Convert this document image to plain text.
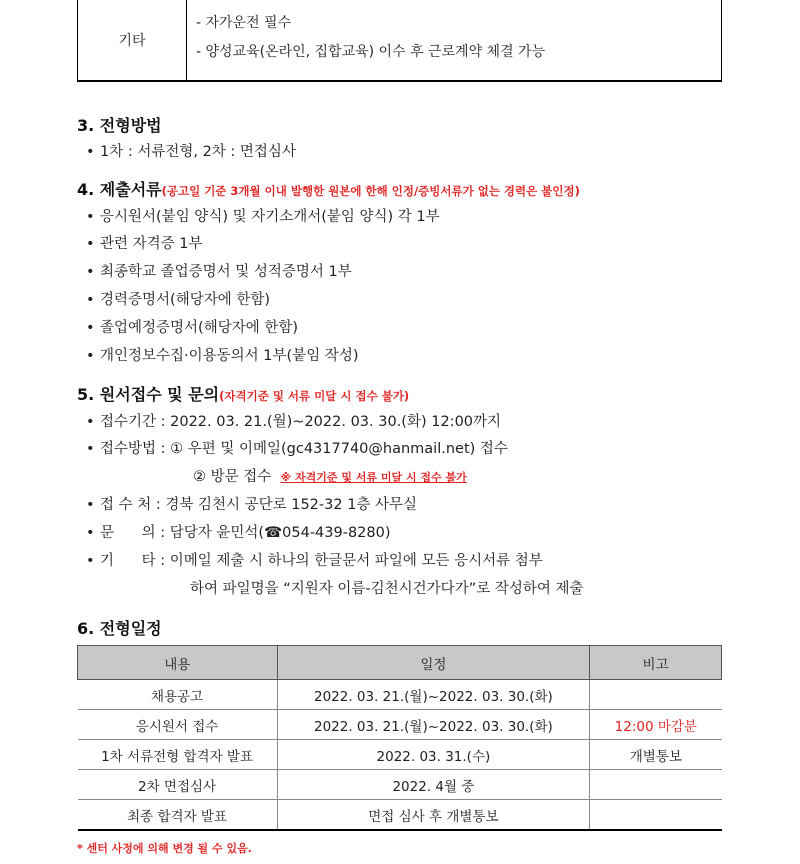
기타
- 자가운전 필수
- 양성교육(온라인, 집합교육) 이수 후 근로계약 체결 가능
3. 전형방법
• 1차 : 서류전형, 2차 : 면접심사
4. 제출서류(공고일 기준 3개월 이내 발행한 원본에 한해 인정/증빙서류가 없는 경력은 불인정)
• 응시원서(붙임 양식) 및 자기소개서(붙임 양식) 각 1부
• 관련 자격증 1부
• 최종학교 졸업증명서 및 성적증명서 1부
• 경력증명서(해당자에 한함)
• 졸업예정증명서(해당자에 한함)
• 개인정보수집·이용동의서 1부(붙임 작성)
5. 원서접수 및 문의(자격기준 및 서류 미달 시 접수 불가)
• 접수기간 : 2022. 03. 21.(월)~2022. 03. 30.(화) 12:00까지
• 접수방법 : ① 우편 및 이메일(gc4317740@hanmail.net) 접수
② 방문 접수 ※ 자격기준 및 서류 미달 시 접수 불가
• 접 수 처 : 경북 김천시 공단로 152-32 1층 사무실
• 문      의 : 담당자 윤민석(☎054-439-8280)
• 기      타 : 이메일 제출 시 하나의 한글문서 파일에 모든 응시서류 첨부
하여 파일명을 “지원자 이름-김천시건가다가”로 작성하여 제출
6. 전형일정
내용	일정	비고
채용공고	2022. 03. 21.(월)~2022. 03. 30.(화)	
응시원서 접수	2022. 03. 21.(월)~2022. 03. 30.(화)	12:00 마감분
1차 서류전형 합격자 발표	2022. 03. 31.(수)	개별통보
2차 면접심사	2022. 4월 중	
최종 합격자 발표	면접 심사 후 개별통보	
* 센터 사정에 의해 변경 될 수 있음.
